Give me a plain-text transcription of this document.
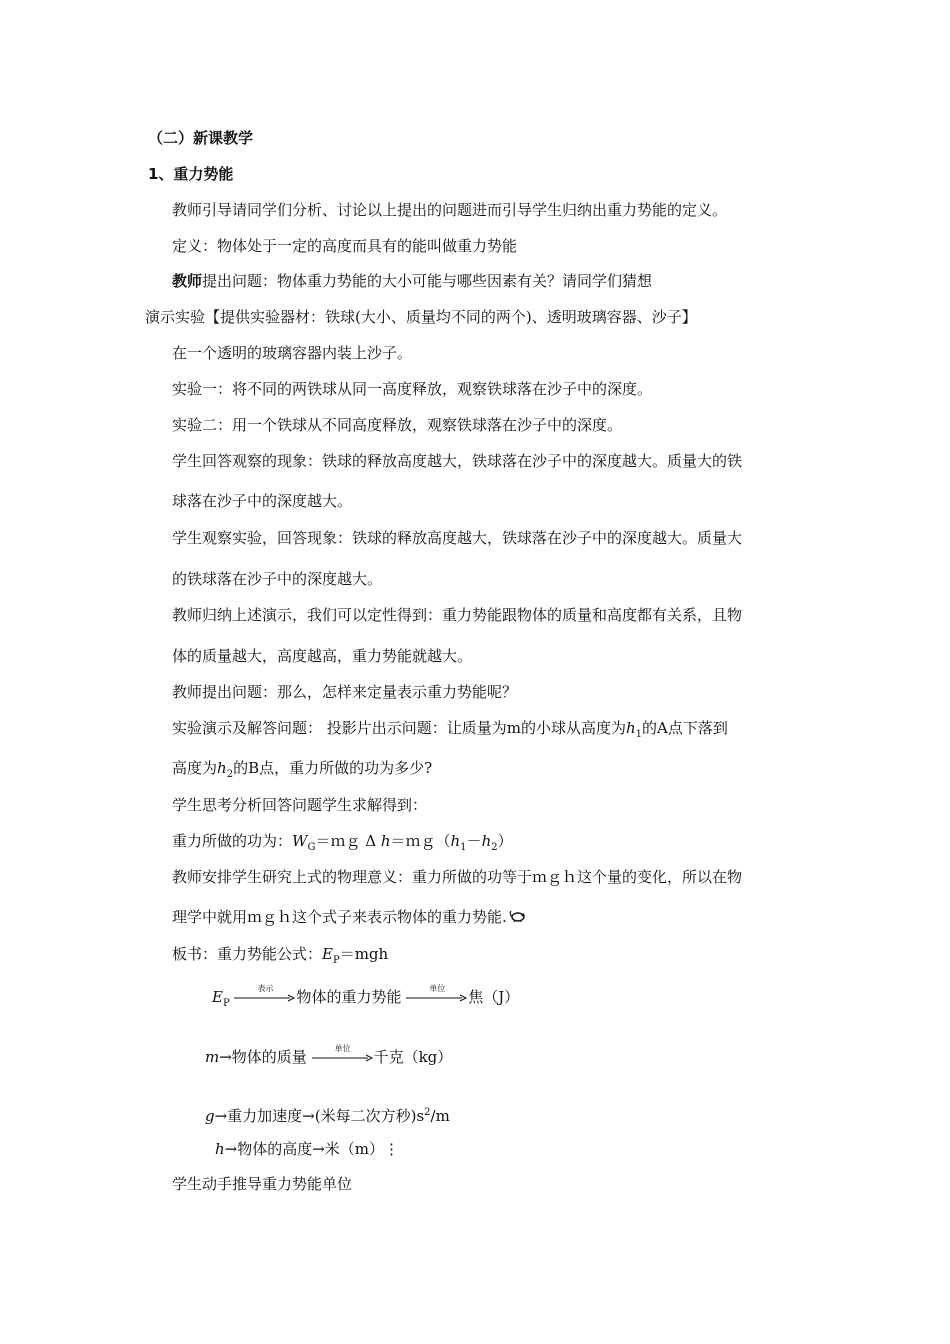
（二）新课教学
1、重力势能
教师引导请同学们分析、讨论以上提出的问题进而引导学生归纳出重力势能的定义。
定义：物体处于一定的高度而具有的能叫做重力势能
教师提出问题：物体重力势能的大小可能与哪些因素有关？请同学们猜想
演示实验【提供实验器材：铁球(大小、质量均不同的两个)、透明玻璃容器、沙子】
在一个透明的玻璃容器内装上沙子。
实验一：将不同的两铁球从同一高度释放，观察铁球落在沙子中的深度。
实验二：用一个铁球从不同高度释放，观察铁球落在沙子中的深度。
学生回答观察的现象：铁球的释放高度越大，铁球落在沙子中的深度越大。质量大的铁
球落在沙子中的深度越大。
学生观察实验，回答现象：铁球的释放高度越大，铁球落在沙子中的深度越大。质量大
的铁球落在沙子中的深度越大。
教师归纳上述演示，我们可以定性得到：重力势能跟物体的质量和高度都有关系，且物
体的质量越大，高度越高，重力势能就越大。
教师提出问题：那么，怎样来定量表示重力势能呢？
实验演示及解答问题： 投影片出示问题：让质量为m的小球从高度为$h_1$的A点下落到
高度为$h_2$的B点，重力所做的功为多少?
学生思考分析回答问题学生求解得到：
重力所做的功为：$W_G=mg$ Δ $h=mg(h_1-h_2)$
教师安排学生研究上式的物理意义：重力所做的功等于ｍｇｈ这个量的变化，所以在物
理学中就用ｍｇｈ这个式子来表示物体的重力势能.
板书：重力势能公式：$E_P=mgh$
$E_P$
表示	物体的重力势能	单位	焦（J）
m→物体的质量	单位	千克（kg）
g→重力加速度→(米每二次方秒)$s^2/m$
h→物体的高度→米（m）⋮
学生动手推导重力势能单位
